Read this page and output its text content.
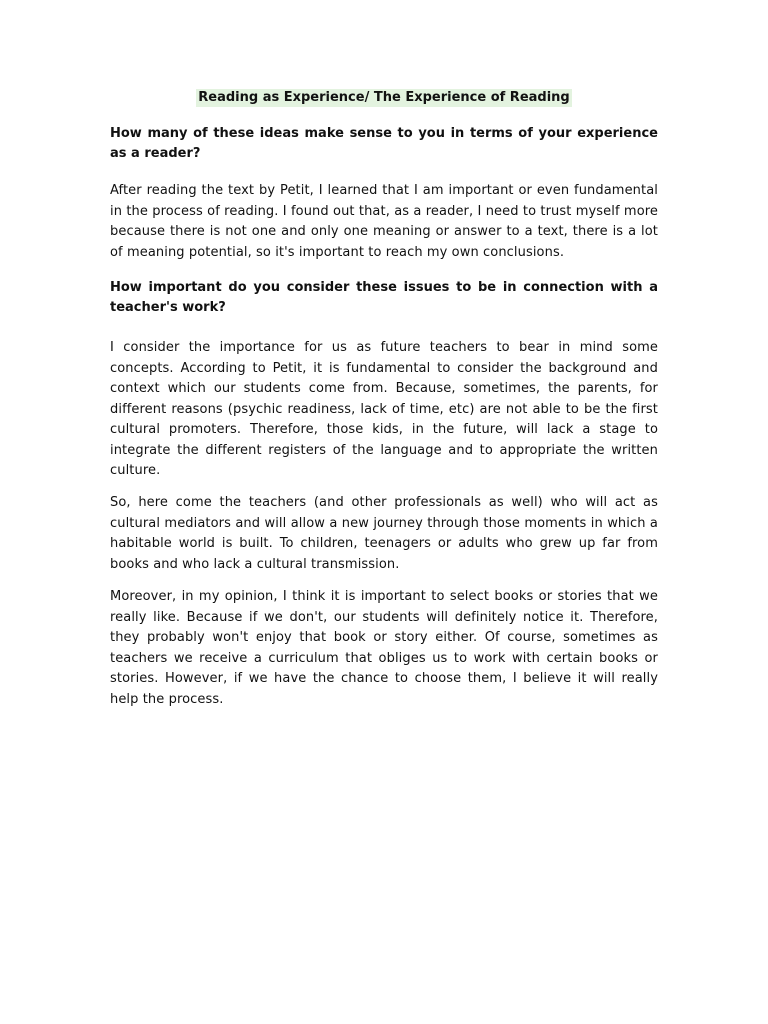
Reading as Experience/ The Experience of Reading

How many of these ideas make sense to you in terms of your experience as a reader?

After reading the text by Petit, I learned that I am important or even fundamental in the process of reading. I found out that, as a reader, I need to trust myself more because there is not one and only one meaning or answer to a text, there is a lot of meaning potential, so it's important to reach my own conclusions.

How important do you consider these issues to be in connection with a teacher's work?

I consider the importance for us as future teachers to bear in mind some concepts. According to Petit, it is fundamental to consider the background and context which our students come from. Because, sometimes, the parents, for different reasons (psychic readiness, lack of time, etc) are not able to be the first cultural promoters. Therefore, those kids, in the future, will lack a stage to integrate the different registers of the language and to appropriate the written culture.

So, here come the teachers (and other professionals as well) who will act as cultural mediators and will allow a new journey through those moments in which a habitable world is built. To children, teenagers or adults who grew up far from books and who lack a cultural transmission.

Moreover, in my opinion, I think it is important to select books or stories that we really like. Because if we don't, our students will definitely notice it. Therefore, they probably won't enjoy that book or story either. Of course, sometimes as teachers we receive a curriculum that obliges us to work with certain books or stories. However, if we have the chance to choose them, I believe it will really help the process.
